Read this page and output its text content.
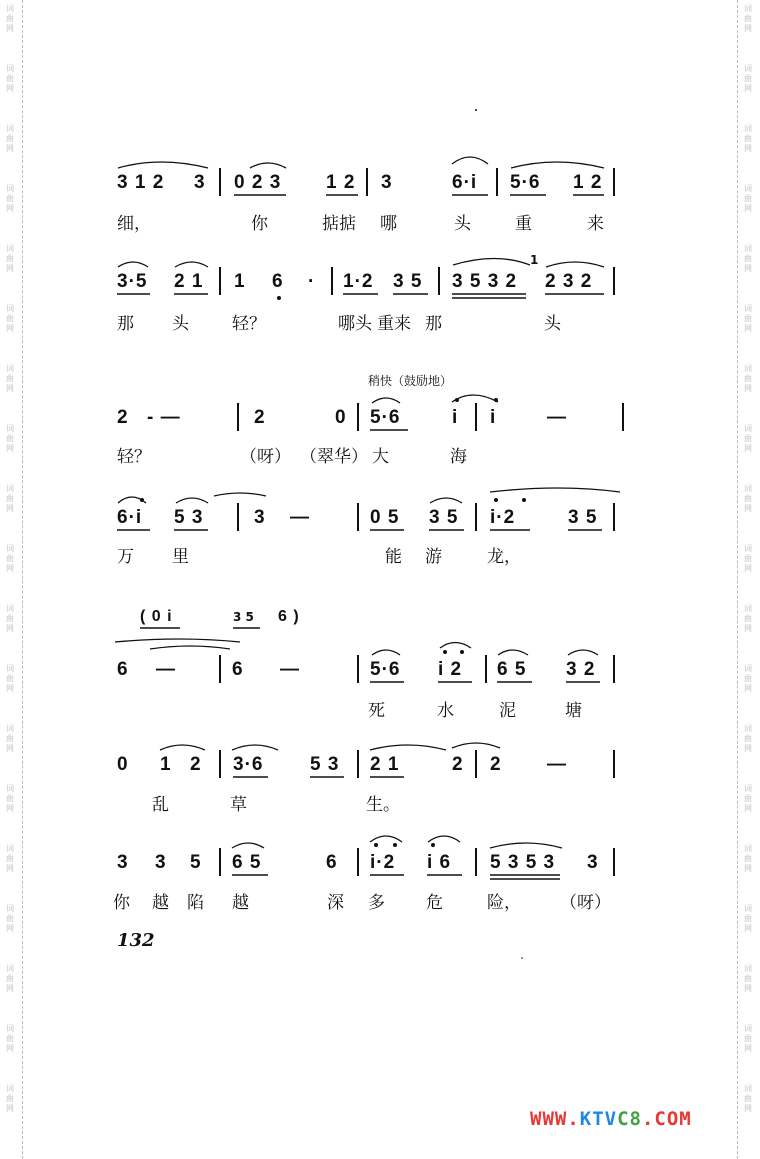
词
曲
网
词
曲
网
词
曲
网
词
曲
网
词
曲
网
词
曲
网
词
曲
网
词
曲
网
词
曲
网
词
曲
网
词
曲
网
词
曲
网
词
曲
网
词
曲
网
词
曲
网
词
曲
网
词
曲
网
词
曲
网
词
曲
网
词
曲
网
词
曲
网
词
曲
网
词
曲
网
词
曲
网
词
曲
网
词
曲
网
词
曲
网
词
曲
网
词
曲
网
词
曲
网
词
曲
网
词
曲
网
词
曲
网
词
曲
网
词
曲
网
词
曲
网
词
曲
网
词
曲
网
稍快（鼓励地）
3 1 2 3 0 2 3 1 2 3	6·i 5·6 1 2
细，	你	掂掂 哪	头	重	来
3·5 2 1 1 6 · 1·2 3 5 3 5 3 2
1
2 3 2
那 头	轻？	哪头 重来 那	头
2 - —	2	0 5·6	i i	—
轻？	（呀） （翠华） 大	海
6·i 5 3	3 —	0 5 3 5 i·2	3 5
万 里	能 游	龙，
( 0 i	3 5 6 )
6 —	6 —	5·6 i 2 6 5 3 2
死	水	泥	塘
0 1 2 3·6 5 3 2 1	2 2 —
乱	草	生。
3 3 5 6 5	6 i·2 i 6 5 3 5 3 3
你 越 陷 越	深 多 危	险， （呀）
132
WWW.KTVC8.COM
